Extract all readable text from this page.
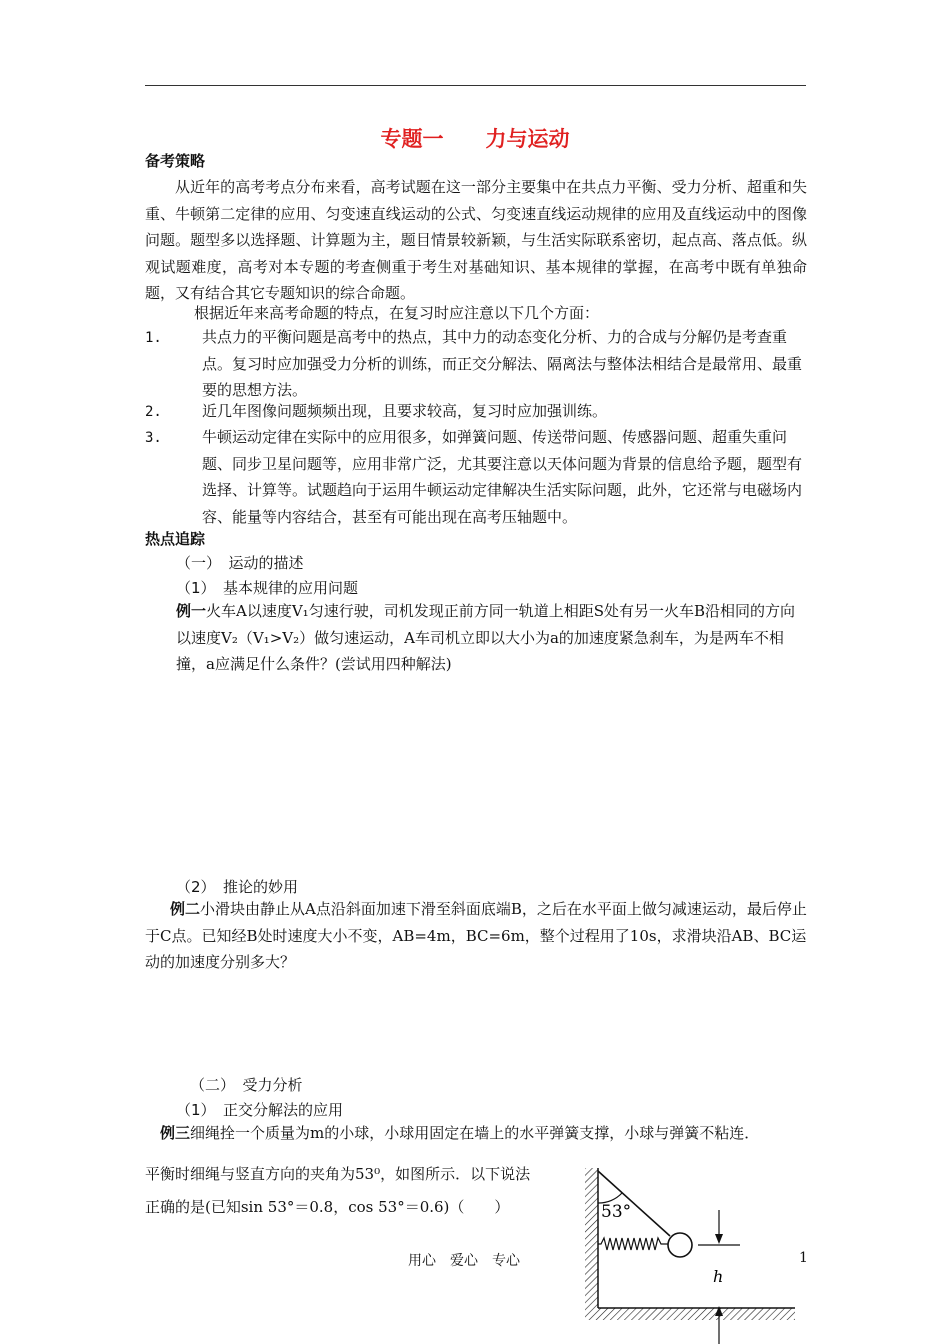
专题一　　力与运动
备考策略
从近年的高考考点分布来看，高考试题在这一部分主要集中在共点力平衡、受力分析、超重和失重、牛顿第二定律的应用、匀变速直线运动的公式、匀变速直线运动规律的应用及直线运动中的图像问题。题型多以选择题、计算题为主，题目情景较新颖，与生活实际联系密切，起点高、落点低。纵观试题难度，高考对本专题的考查侧重于考生对基础知识、基本规律的掌握，在高考中既有单独命题，又有结合其它专题知识的综合命题。
根据近年来高考命题的特点，在复习时应注意以下几个方面：
1.	共点力的平衡问题是高考中的热点，其中力的动态变化分析、力的合成与分解仍是考查重点。复习时应加强受力分析的训练，而正交分解法、隔离法与整体法相结合是最常用、最重要的思想方法。
2.	近几年图像问题频频出现，且要求较高，复习时应加强训练。
3.	牛顿运动定律在实际中的应用很多，如弹簧问题、传送带问题、传感器问题、超重失重问题、同步卫星问题等，应用非常广泛，尤其要注意以天体问题为背景的信息给予题，题型有选择、计算等。试题趋向于运用牛顿运动定律解决生活实际问题，此外，它还常与电磁场内容、能量等内容结合，甚至有可能出现在高考压轴题中。
热点追踪
（一）　运动的描述
（1）　基本规律的应用问题
例一火车A以速度V₁匀速行驶，司机发现正前方同一轨道上相距S处有另一火车B沿相同的方向以速度V₂（V₁>V₂）做匀速运动，A车司机立即以大小为a的加速度紧急刹车，为是两车不相撞，a应满足什么条件？(尝试用四种解法)
（2）　推论的妙用
例二小滑块由静止从A点沿斜面加速下滑至斜面底端B，之后在水平面上做匀减速运动，最后停止于C点。已知经B处时速度大小不变，AB=4m，BC=6m，整个过程用了10s，求滑块沿AB、BC运动的加速度分别多大？
（二）　受力分析
（1）　正交分解法的应用
例三细绳拴一个质量为m的小球，小球用固定在墙上的水平弹簧支撑，小球与弹簧不粘连．
平衡时细绳与竖直方向的夹角为53⁰，如图所示．以下说法
正确的是(已知sin 53°＝0.8，cos 53°＝0.6)（　　）	53°
h
用心　爱心　专心	1
